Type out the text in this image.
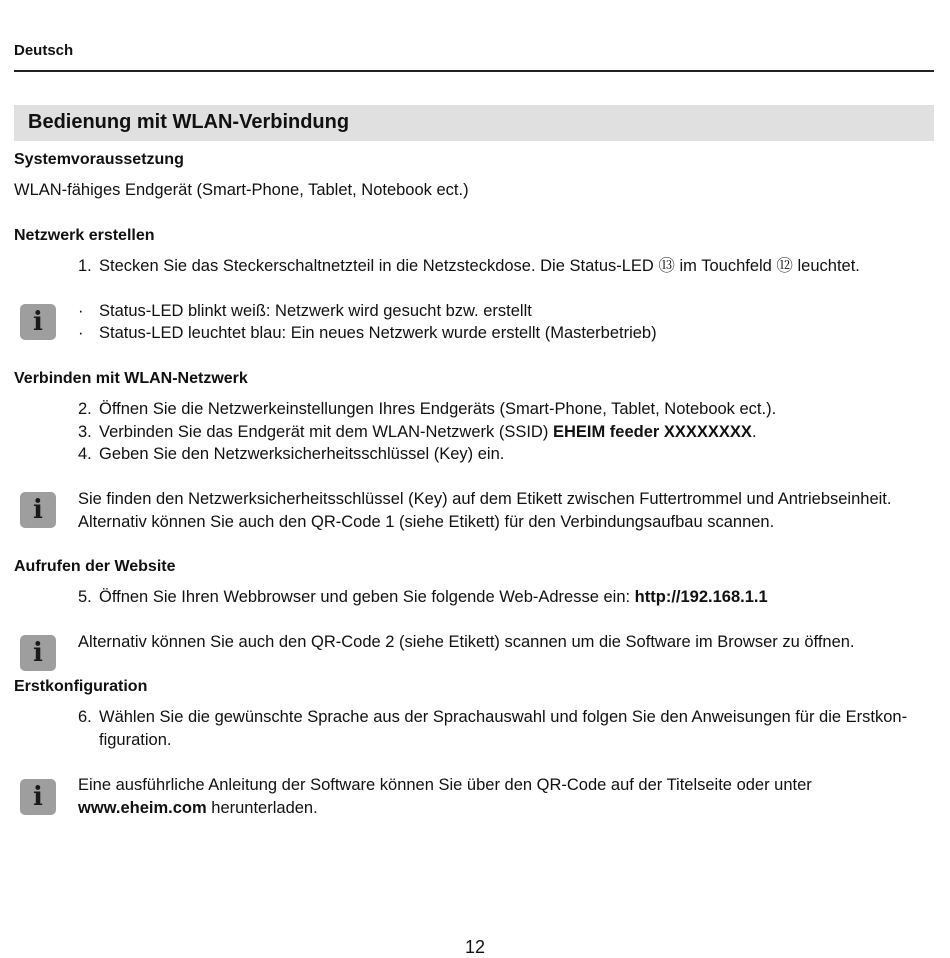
Deutsch
Bedienung mit WLAN-Verbindung
Systemvoraussetzung
WLAN-fähiges Endgerät (Smart-Phone, Tablet, Notebook ect.)
Netzwerk erstellen
1. Stecken Sie das Steckerschaltnetzteil in die Netzsteckdose. Die Status-LED ⑬ im Touchfeld ⑫ leuchtet.
i · Status-LED blinkt weiß: Netzwerk wird gesucht bzw. erstellt
· Status-LED leuchtet blau: Ein neues Netzwerk wurde erstellt (Masterbetrieb)
Verbinden mit WLAN-Netzwerk
2. Öffnen Sie die Netzwerkeinstellungen Ihres Endgeräts (Smart-Phone, Tablet, Notebook ect.).
3. Verbinden Sie das Endgerät mit dem WLAN-Netzwerk (SSID) EHEIM feeder XXXXXXXX.
4. Geben Sie den Netzwerksicherheitsschlüssel (Key) ein.
i Sie finden den Netzwerksicherheitsschlüssel (Key) auf dem Etikett zwischen Futtertrommel und Antriebseinheit.
Alternativ können Sie auch den QR-Code 1 (siehe Etikett) für den Verbindungsaufbau scannen.
Aufrufen der Website
5. Öffnen Sie Ihren Webbrowser und geben Sie folgende Web-Adresse ein: http://192.168.1.1
i Alternativ können Sie auch den QR-Code 2 (siehe Etikett) scannen um die Software im Browser zu öffnen.
Erstkonfiguration
6. Wählen Sie die gewünschte Sprache aus der Sprachauswahl und folgen Sie den Anweisungen für die Erstkon-
figuration.
i Eine ausführliche Anleitung der Software können Sie über den QR-Code auf der Titelseite oder unter
www.eheim.com herunterladen.
12
